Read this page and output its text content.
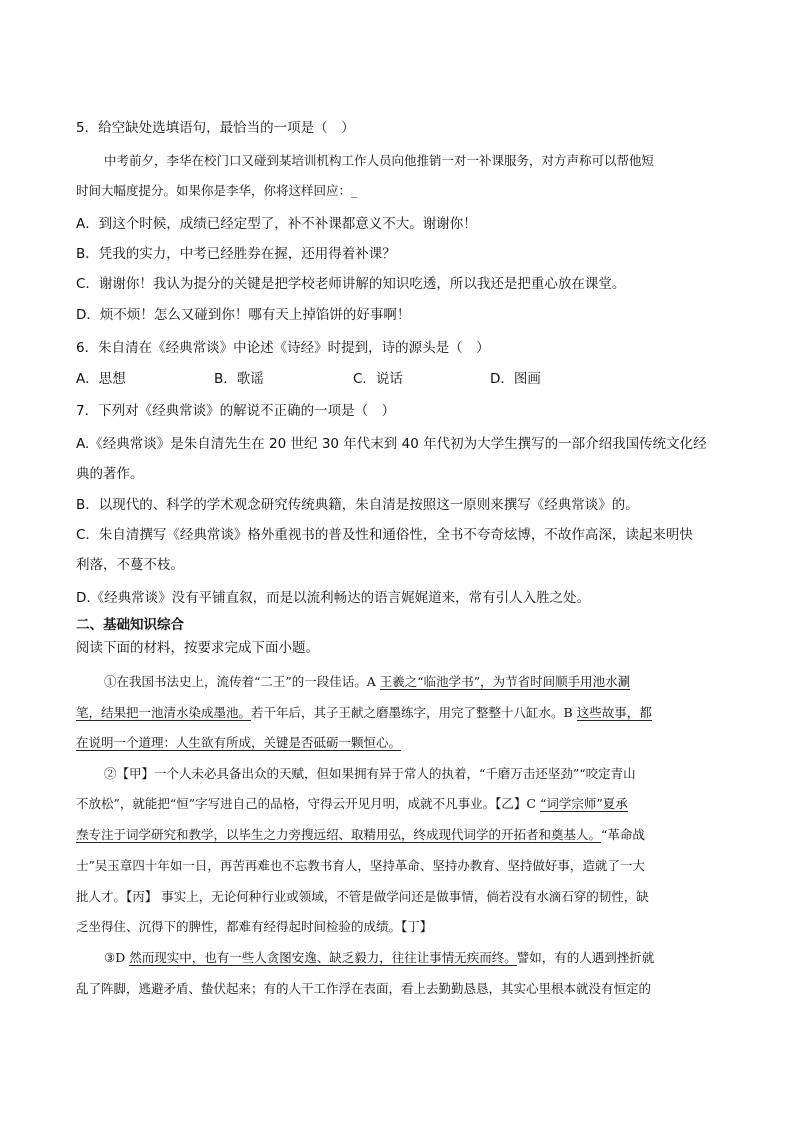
5．给空缺处选填语句，最恰当的一项是（　）
中考前夕，李华在校门口又碰到某培训机构工作人员向他推销一对一补课服务，对方声称可以帮他短
时间大幅度提分。如果你是李华，你将这样回应：_
A．到这个时候，成绩已经定型了，补不补课都意义不大。谢谢你！
B．凭我的实力，中考已经胜券在握，还用得着补课？
C．谢谢你！我认为提分的关键是把学校老师讲解的知识吃透，所以我还是把重心放在课堂。
D．烦不烦！怎么又碰到你！哪有天上掉馅饼的好事啊！
6．朱自清在《经典常谈》中论述《诗经》时提到，诗的源头是（　）
A．思想	B．歌谣	C．说话	D．图画
7．下列对《经典常谈》的解说不正确的一项是（　）
A.《经典常谈》是朱自清先生在 20 世纪 30 年代末到 40 年代初为大学生撰写的一部介绍我国传统文化经
典的著作。
B．以现代的、科学的学术观念研究传统典籍，朱自清是按照这一原则来撰写《经典常谈》的。
C．朱自清撰写《经典常谈》格外重视书的普及性和通俗性，全书不夸奇炫博，不故作高深，读起来明快
利落，不蔓不枝。
D.《经典常谈》没有平铺直叙，而是以流利畅达的语言娓娓道来，常有引人入胜之处。
二、基础知识综合
阅读下面的材料，按要求完成下面小题。
①在我国书法史上，流传着“二王”的一段佳话。A 王羲之“临池学书”，为节省时间顺手用池水涮
笔，结果把一池清水染成墨池。若干年后，其子王献之磨墨练字，用完了整整十八缸水。B 这些故事，都
在说明一个道理：人生欲有所成，关键是否砥砺一颗恒心。
②【甲】一个人未必具备出众的天赋，但如果拥有异于常人的执着，“千磨万击还坚劲”“咬定青山
不放松”，就能把“恒”字写进自己的品格，守得云开见月明，成就不凡事业。【乙】C “词学宗师”夏承
焘专注于词学研究和教学，以毕生之力旁搜远绍、取精用弘，终成现代词学的开拓者和奠基人。“革命战
士”吴玉章四十年如一日，再苦再难也不忘教书育人，坚持革命、坚持办教育、坚持做好事，造就了一大
批人才。【丙】 事实上，无论何种行业或领域，不管是做学问还是做事情，倘若没有水滴石穿的韧性，缺
乏坐得住、沉得下的脾性，都难有经得起时间检验的成绩。【丁】
③D 然而现实中，也有一些人贪图安逸、缺乏毅力，往往让事情无疾而终。譬如，有的人遇到挫折就
乱了阵脚，逃避矛盾、蛰伏起来；有的人干工作浮在表面，看上去勤勤恳恳，其实心里根本就没有恒定的
